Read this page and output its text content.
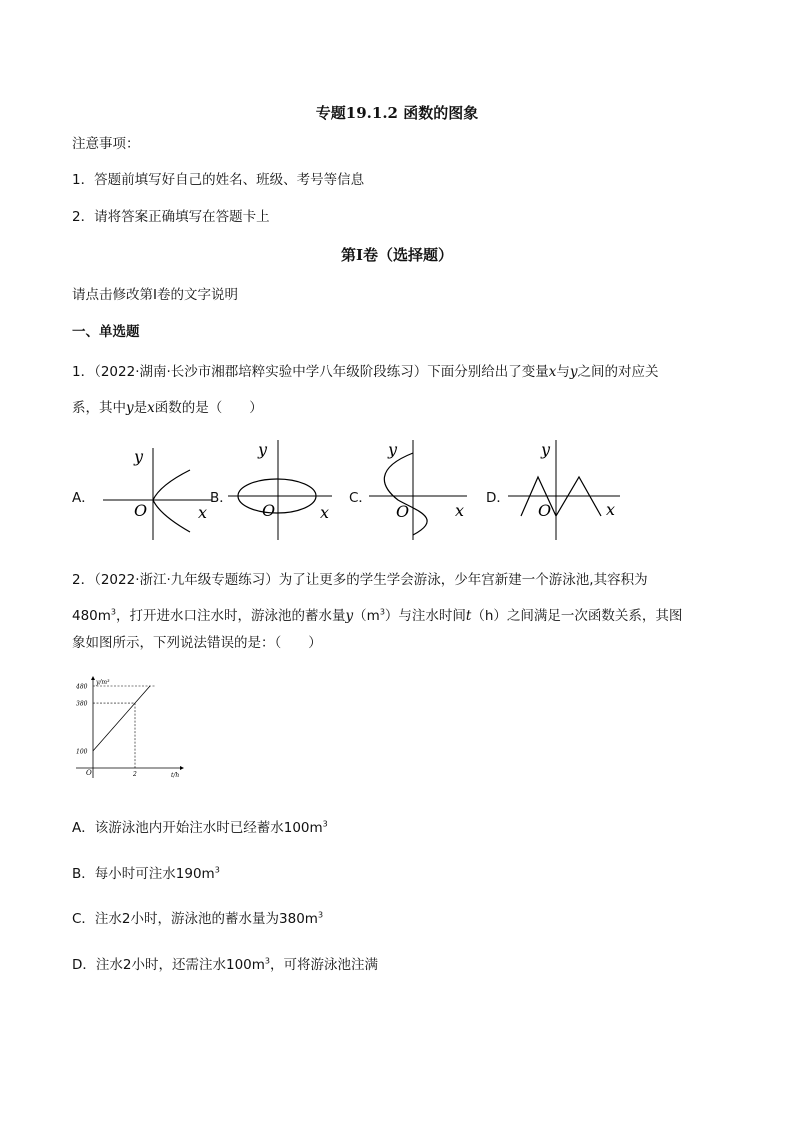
专题19.1.2 函数的图象
注意事项：
1．答题前填写好自己的姓名、班级、考号等信息
2．请将答案正确填写在答题卡上
第I卷（选择题）
请点击修改第I卷的文字说明
一、单选题
1．（2022·湖南·长沙市湘郡培粹实验中学八年级阶段练习）下面分别给出了变量x与y之间的对应关
系，其中y是x函数的是（　　）
A．	B．	C．	D．
y
x
O
y
x
O
y
x
O
y
x
O
2．（2022·浙江·九年级专题练习）为了让更多的学生学会游泳，少年宫新建一个游泳池,其容积为
$480m^3$，打开进水口注水时，游泳池的蓄水量$y(m^3)$与注水时间t（h）之间满足一次函数关系，其图
象如图所示，下列说法错误的是：（　　）
480
380
100
2
y/m³
t/h
O
A．该游泳池内开始注水时已经蓄水$100m^3$
B．每小时可注水$190m^3$
C．注水2小时，游泳池的蓄水量为$380m^3$
D．注水2小时，还需注水$100m^3$，可将游泳池注满
